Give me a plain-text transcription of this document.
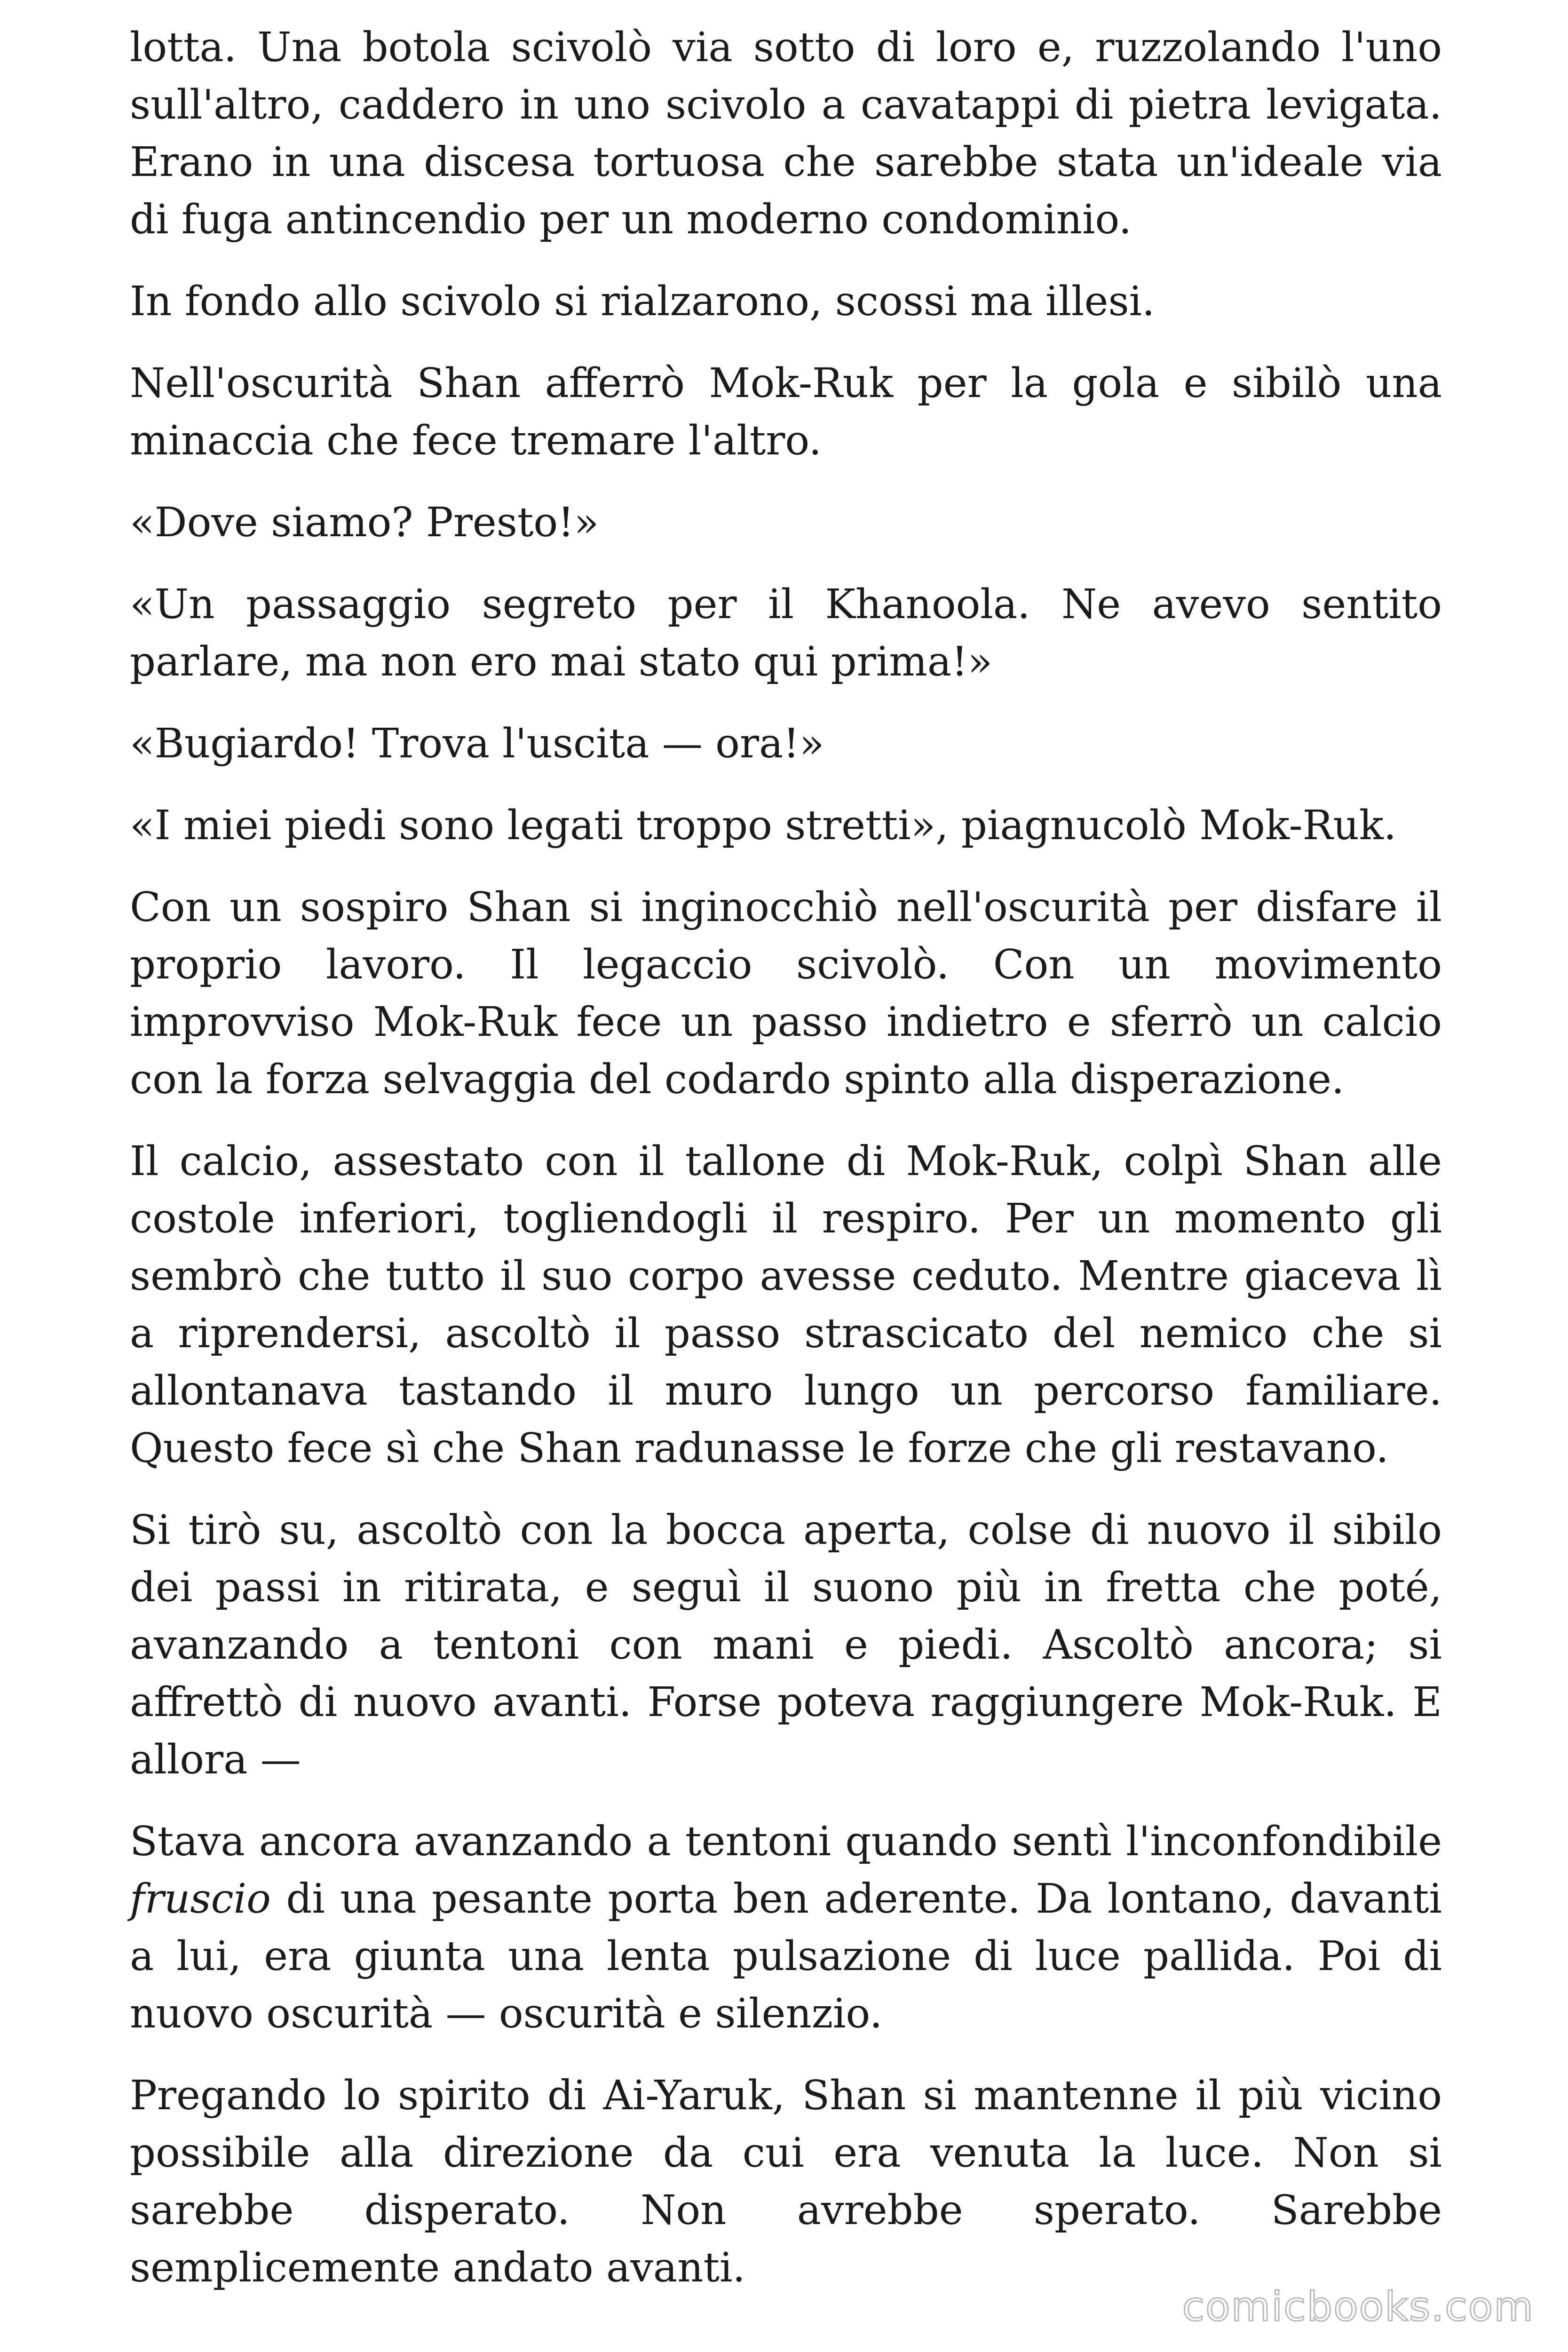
lotta. Una botola scivolò via sotto di loro e, ruzzolando l'uno sull'altro, caddero in uno scivolo a cavatappi di pietra levigata. Erano in una discesa tortuosa che sarebbe stata un'ideale via di fuga antincendio per un moderno condominio.

In fondo allo scivolo si rialzarono, scossi ma illesi.

Nell'oscurità Shan afferrò Mok-Ruk per la gola e sibilò una minaccia che fece tremare l'altro.

«Dove siamo? Presto!»

«Un passaggio segreto per il Khanoola. Ne avevo sentito parlare, ma non ero mai stato qui prima!»

«Bugiardo! Trova l'uscita — ora!»

«I miei piedi sono legati troppo stretti», piagnucolò Mok-Ruk.

Con un sospiro Shan si inginocchiò nell'oscurità per disfare il proprio lavoro. Il legaccio scivolò. Con un movimento improvviso Mok-Ruk fece un passo indietro e sferrò un calcio con la forza selvaggia del codardo spinto alla disperazione.

Il calcio, assestato con il tallone di Mok-Ruk, colpì Shan alle costole inferiori, togliendogli il respiro. Per un momento gli sembrò che tutto il suo corpo avesse ceduto. Mentre giaceva lì a riprendersi, ascoltò il passo strascicato del nemico che si allontanava tastando il muro lungo un percorso familiare. Questo fece sì che Shan radunasse le forze che gli restavano.

Si tirò su, ascoltò con la bocca aperta, colse di nuovo il sibilo dei passi in ritirata, e seguì il suono più in fretta che poté, avanzando a tentoni con mani e piedi. Ascoltò ancora; si affrettò di nuovo avanti. Forse poteva raggiungere Mok-Ruk. E allora —

Stava ancora avanzando a tentoni quando sentì l'inconfondibile fruscio di una pesante porta ben aderente. Da lontano, davanti a lui, era giunta una lenta pulsazione di luce pallida. Poi di nuovo oscurità — oscurità e silenzio.

Pregando lo spirito di Ai-Yaruk, Shan si mantenne il più vicino possibile alla direzione da cui era venuta la luce. Non si sarebbe disperato. Non avrebbe sperato. Sarebbe semplicemente andato avanti.

comicbooks.com
